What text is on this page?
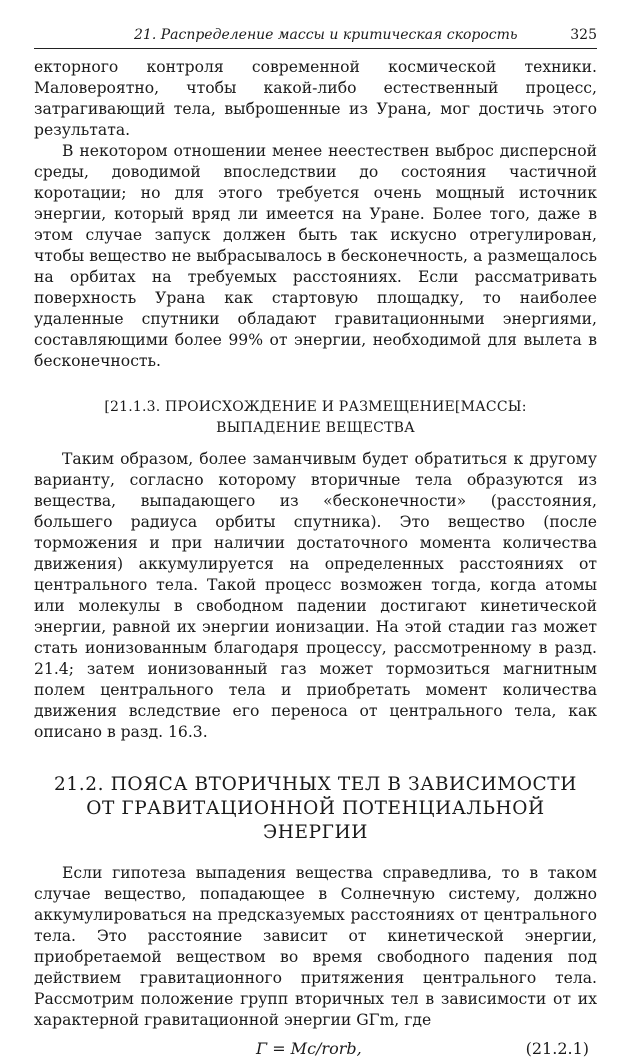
21. Распределение массы и критическая скорость	325

екторного контроля современной космической техники. Маловероятно, чтобы какой-либо естественный процесс, затрагивающий тела, выброшенные из Урана, мог достичь этого результата.

В некотором отношении менее неестествен выброс дисперсной среды, доводимой впоследствии до состояния частичной коротации; но для этого требуется очень мощный источник энергии, который вряд ли имеется на Уране. Более того, даже в этом случае запуск должен быть так искусно отрегулирован, чтобы вещество не выбрасывалось в бесконечность, а размещалось на орбитах на требуемых расстояниях. Если рассматривать поверхность Урана как стартовую площадку, то наиболее удаленные спутники обладают гравитационными энергиями, составляющими более 99% от энергии, необходимой для вылета в бесконечность.

[21.1.3. ПРОИСХОЖДЕНИЕ И РАЗМЕЩЕНИЕ[МАССЫ:
ВЫПАДЕНИЕ ВЕЩЕСТВА

Таким образом, более заманчивым будет обратиться к другому варианту, согласно которому вторичные тела образуются из вещества, выпадающего из «бесконечности» (расстояния, большего радиуса орбиты спутника). Это вещество (после торможения и при наличии достаточного момента количества движения) аккумулируется на определенных расстояниях от центрального тела. Такой процесс возможен тогда, когда атомы или молекулы в свободном падении достигают кинетической энергии, равной их энергии ионизации. На этой стадии газ может стать ионизованным благодаря процессу, рассмотренному в разд. 21.4; затем ионизованный газ может тормозиться магнитным полем центрального тела и приобретать момент количества движения вследствие его переноса от центрального тела, как описано в разд. 16.3.

21.2. ПОЯСА ВТОРИЧНЫХ ТЕЛ В ЗАВИСИМОСТИ
ОТ ГРАВИТАЦИОННОЙ ПОТЕНЦИАЛЬНОЙ ЭНЕРГИИ

Если гипотеза выпадения вещества справедлива, то в таком случае вещество, попадающее в Солнечную систему, должно аккумулироваться на предсказуемых расстояниях от центрального тела. Это расстояние зависит от кинетической энергии, приобретаемой веществом во время свободного падения под действием гравитационного притяжения центрального тела. Рассмотрим положение групп вторичных тел в зависимости от их характерной гравитационной энергии GΓm, где

Γ = Mc/rorb,	(21.2.1)
